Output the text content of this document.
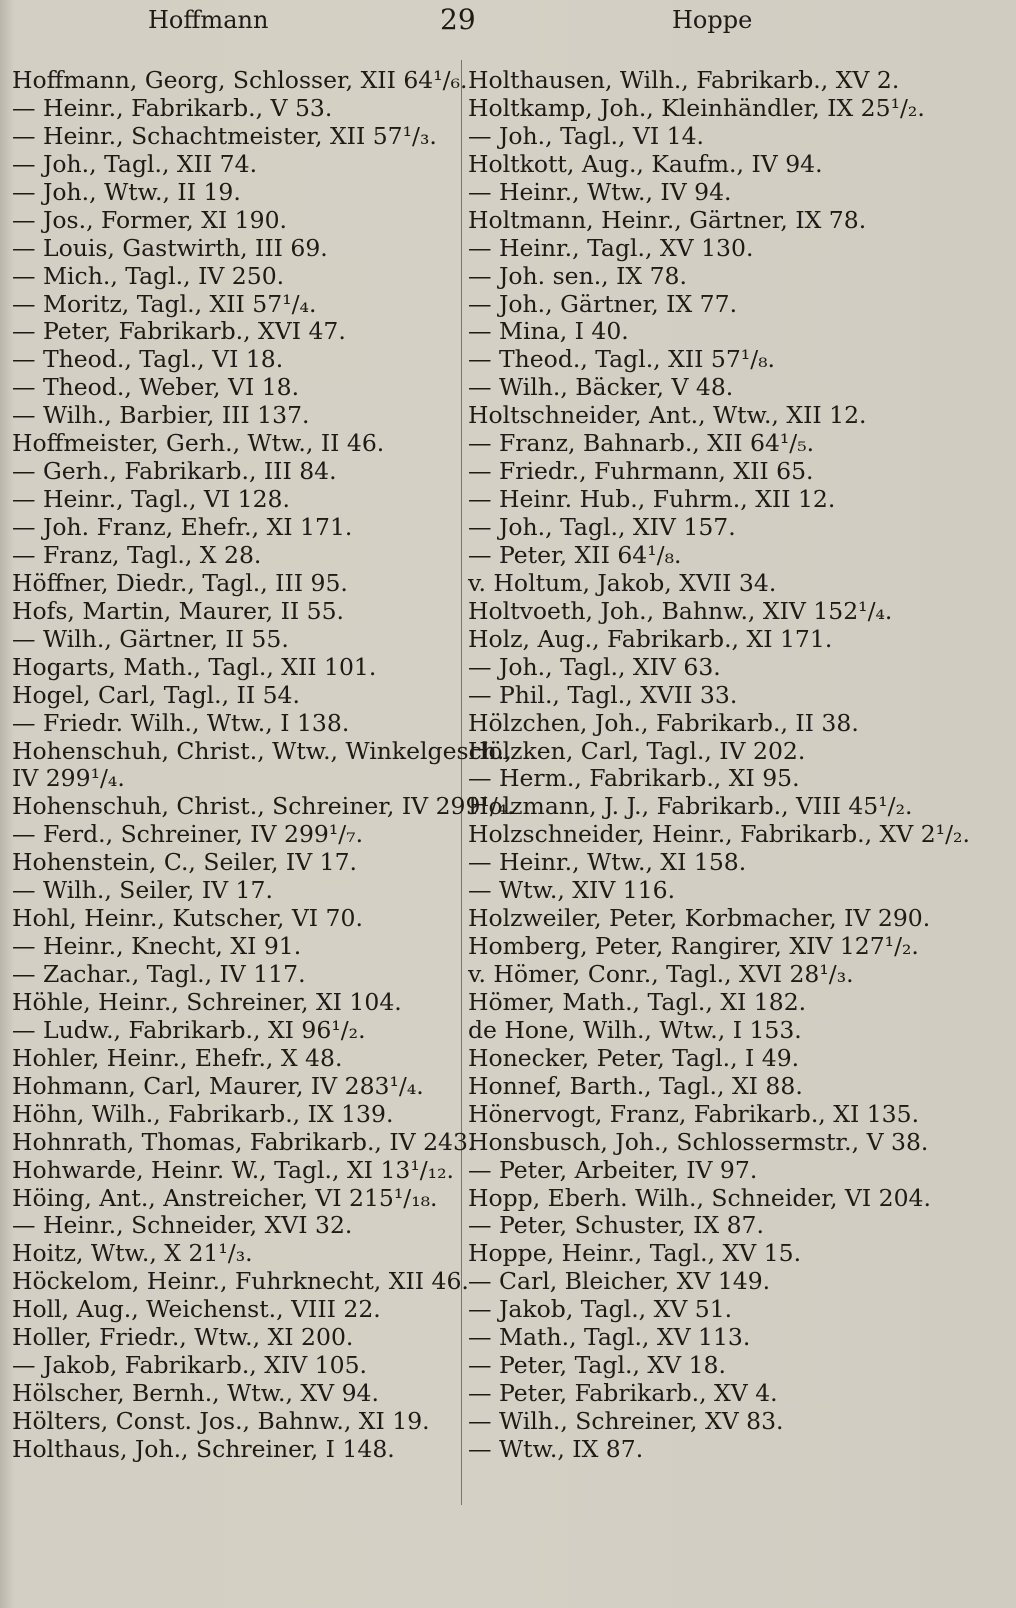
Hoffmann	29	Hoppe
Hoffmann, Georg, Schlosser, XII 64¹/₆.
— Heinr., Fabrikarb., V 53.
— Heinr., Schachtmeister, XII 57¹/₃.
— Joh., Tagl., XII 74.
— Joh., Wtw., II 19.
— Jos., Former, XI 190.
— Louis, Gastwirth, III 69.
— Mich., Tagl., IV 250.
— Moritz, Tagl., XII 57¹/₄.
— Peter, Fabrikarb., XVI 47.
— Theod., Tagl., VI 18.
— Theod., Weber, VI 18.
— Wilh., Barbier, III 137.
Hoffmeister, Gerh., Wtw., II 46.
— Gerh., Fabrikarb., III 84.
— Heinr., Tagl., VI 128.
— Joh. Franz, Ehefr., XI 171.
— Franz, Tagl., X 28.
Höffner, Diedr., Tagl., III 95.
Hofs, Martin, Maurer, II 55.
— Wilh., Gärtner, II 55.
Hogarts, Math., Tagl., XII 101.
Hogel, Carl, Tagl., II 54.
— Friedr. Wilh., Wtw., I 138.
Hohenschuh, Christ., Wtw., Winkelgesch.,
IV 299¹/₄.
Hohenschuh, Christ., Schreiner, IV 299¹/₄.
— Ferd., Schreiner, IV 299¹/₇.
Hohenstein, C., Seiler, IV 17.
— Wilh., Seiler, IV 17.
Hohl, Heinr., Kutscher, VI 70.
— Heinr., Knecht, XI 91.
— Zachar., Tagl., IV 117.
Höhle, Heinr., Schreiner, XI 104.
— Ludw., Fabrikarb., XI 96¹/₂.
Hohler, Heinr., Ehefr., X 48.
Hohmann, Carl, Maurer, IV 283¹/₄.
Höhn, Wilh., Fabrikarb., IX 139.
Hohnrath, Thomas, Fabrikarb., IV 243.
Hohwarde, Heinr. W., Tagl., XI 13¹/₁₂.
Höing, Ant., Anstreicher, VI 215¹/₁₈.
— Heinr., Schneider, XVI 32.
Hoitz, Wtw., X 21¹/₃.
Höckelom, Heinr., Fuhrknecht, XII 46.
Holl, Aug., Weichenst., VIII 22.
Holler, Friedr., Wtw., XI 200.
— Jakob, Fabrikarb., XIV 105.
Hölscher, Bernh., Wtw., XV 94.
Hölters, Const. Jos., Bahnw., XI 19.
Holthaus, Joh., Schreiner, I 148.
Holthausen, Wilh., Fabrikarb., XV 2.
Holtkamp, Joh., Kleinhändler, IX 25¹/₂.
— Joh., Tagl., VI 14.
Holtkott, Aug., Kaufm., IV 94.
— Heinr., Wtw., IV 94.
Holtmann, Heinr., Gärtner, IX 78.
— Heinr., Tagl., XV 130.
— Joh. sen., IX 78.
— Joh., Gärtner, IX 77.
— Mina, I 40.
— Theod., Tagl., XII 57¹/₈.
— Wilh., Bäcker, V 48.
Holtschneider, Ant., Wtw., XII 12.
— Franz, Bahnarb., XII 64¹/₅.
— Friedr., Fuhrmann, XII 65.
— Heinr. Hub., Fuhrm., XII 12.
— Joh., Tagl., XIV 157.
— Peter, XII 64¹/₈.
v. Holtum, Jakob, XVII 34.
Holtvoeth, Joh., Bahnw., XIV 152¹/₄.
Holz, Aug., Fabrikarb., XI 171.
— Joh., Tagl., XIV 63.
— Phil., Tagl., XVII 33.
Hölzchen, Joh., Fabrikarb., II 38.
Hölzken, Carl, Tagl., IV 202.
— Herm., Fabrikarb., XI 95.
Holzmann, J. J., Fabrikarb., VIII 45¹/₂.
Holzschneider, Heinr., Fabrikarb., XV 2¹/₂.
— Heinr., Wtw., XI 158.
— Wtw., XIV 116.
Holzweiler, Peter, Korbmacher, IV 290.
Homberg, Peter, Rangirer, XIV 127¹/₂.
v. Hömer, Conr., Tagl., XVI 28¹/₃.
Hömer, Math., Tagl., XI 182.
de Hone, Wilh., Wtw., I 153.
Honecker, Peter, Tagl., I 49.
Honnef, Barth., Tagl., XI 88.
Hönervogt, Franz, Fabrikarb., XI 135.
Honsbusch, Joh., Schlossermstr., V 38.
— Peter, Arbeiter, IV 97.
Hopp, Eberh. Wilh., Schneider, VI 204.
— Peter, Schuster, IX 87.
Hoppe, Heinr., Tagl., XV 15.
— Carl, Bleicher, XV 149.
— Jakob, Tagl., XV 51.
— Math., Tagl., XV 113.
— Peter, Tagl., XV 18.
— Peter, Fabrikarb., XV 4.
— Wilh., Schreiner, XV 83.
— Wtw., IX 87.
